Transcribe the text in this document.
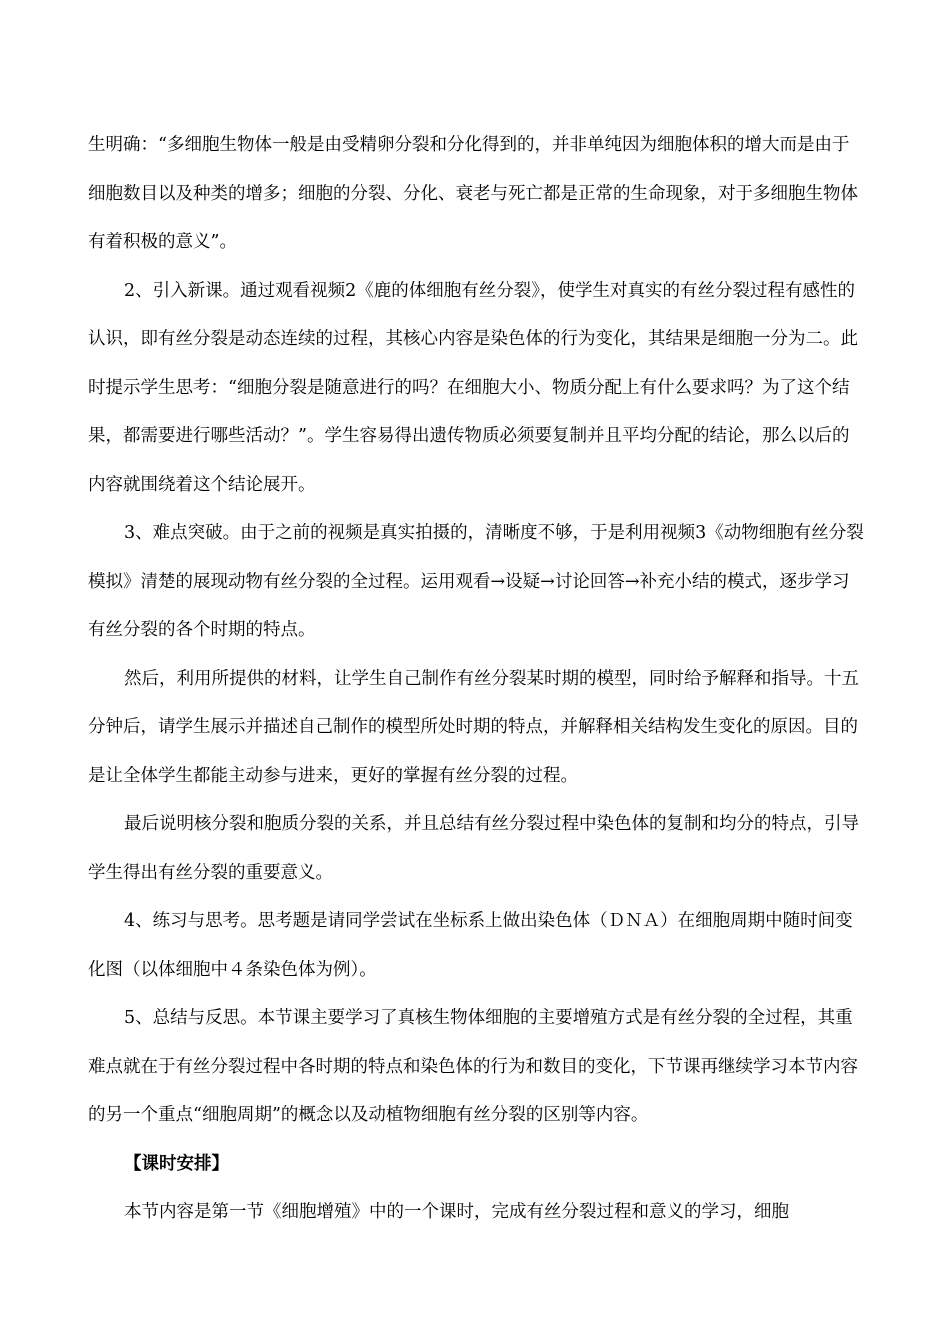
生明确：“多细胞生物体一般是由受精卵分裂和分化得到的，并非单纯因为细胞体积的增大而是由于细胞数目以及种类的增多；细胞的分裂、分化、衰老与死亡都是正常的生命现象，对于多细胞生物体有着积极的意义”。

2、引入新课。通过观看视频2《鹿的体细胞有丝分裂》，使学生对真实的有丝分裂过程有感性的认识，即有丝分裂是动态连续的过程，其核心内容是染色体的行为变化，其结果是细胞一分为二。此时提示学生思考：“细胞分裂是随意进行的吗？在细胞大小、物质分配上有什么要求吗？为了这个结果，都需要进行哪些活动？”。学生容易得出遗传物质必须要复制并且平均分配的结论，那么以后的内容就围绕着这个结论展开。

3、难点突破。由于之前的视频是真实拍摄的，清晰度不够，于是利用视频3《动物细胞有丝分裂模拟》清楚的展现动物有丝分裂的全过程。运用观看→设疑→讨论回答→补充小结的模式，逐步学习有丝分裂的各个时期的特点。

然后，利用所提供的材料，让学生自己制作有丝分裂某时期的模型，同时给予解释和指导。十五分钟后，请学生展示并描述自己制作的模型所处时期的特点，并解释相关结构发生变化的原因。目的是让全体学生都能主动参与进来，更好的掌握有丝分裂的过程。

最后说明核分裂和胞质分裂的关系，并且总结有丝分裂过程中染色体的复制和均分的特点，引导学生得出有丝分裂的重要意义。

4、练习与思考。思考题是请同学尝试在坐标系上做出染色体（ＤＮＡ）在细胞周期中随时间变化图（以体细胞中４条染色体为例）。

5、总结与反思。本节课主要学习了真核生物体细胞的主要增殖方式是有丝分裂的全过程，其重难点就在于有丝分裂过程中各时期的特点和染色体的行为和数目的变化，下节课再继续学习本节内容的另一个重点“细胞周期”的概念以及动植物细胞有丝分裂的区别等内容。

【课时安排】

本节内容是第一节《细胞增殖》中的一个课时，完成有丝分裂过程和意义的学习，细胞
